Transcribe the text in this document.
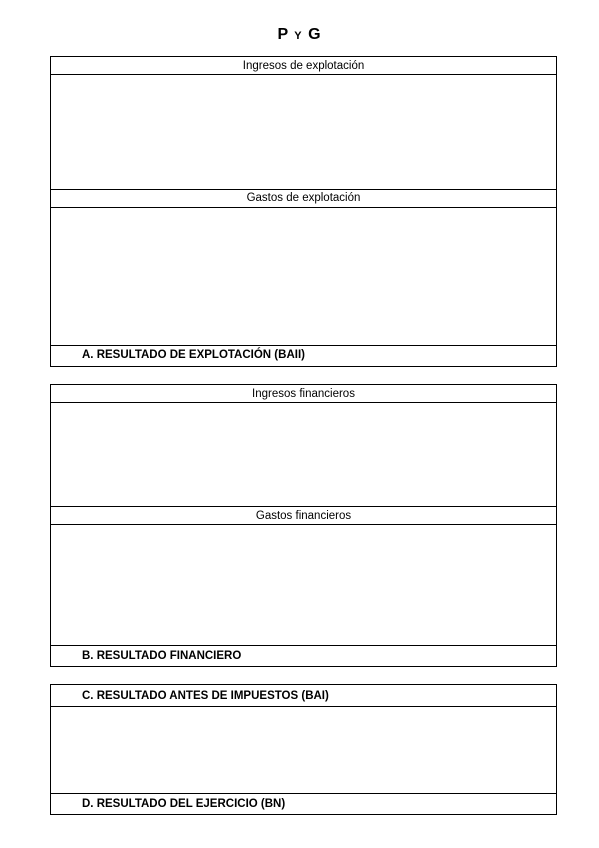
P Y G
Ingresos de explotación
Gastos de explotación
A. RESULTADO DE EXPLOTACIÓN (BAII)
Ingresos financieros
Gastos financieros
B. RESULTADO FINANCIERO
C. RESULTADO ANTES DE IMPUESTOS (BAI)
D. RESULTADO DEL EJERCICIO (BN)
